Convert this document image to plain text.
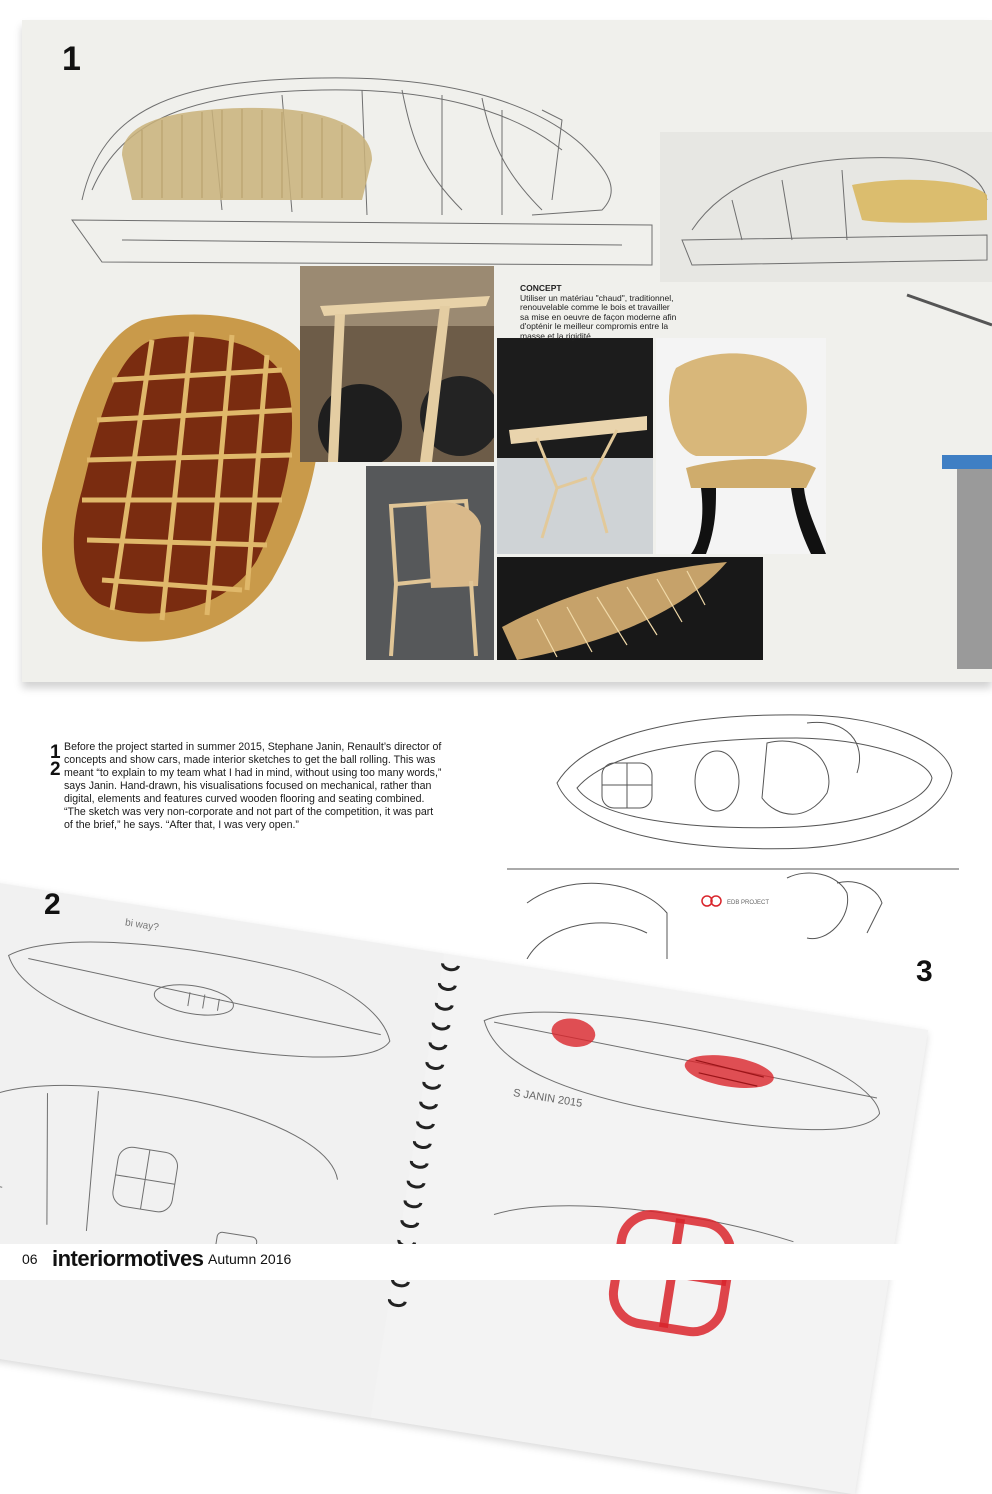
1
CONCEPT
Utiliser un matériau "chaud", traditionnel, renouvelable comme le bois et travailler sa mise en oeuvre de façon moderne afin d'opténir le meilleur compromis entre la masse et la rigidité.
1
2
Before the project started in summer 2015, Stephane Janin, Renault’s director of concepts and show cars, made interior sketches to get the ball rolling. This was meant “to explain to my team what I had in mind, without using too many words,” says Janin. Hand-drawn, his visualisations focused on mechanical, rather than digital, elements and features curved wooden flooring and seating combined. “The sketch was very non-corporate and not part of the competition, it was part of the brief,” he says. “After that, I was very open.”
EDB PROJECT
3
bi way?
S JANIN 2015
2
06 interiormotives Autumn 2016
